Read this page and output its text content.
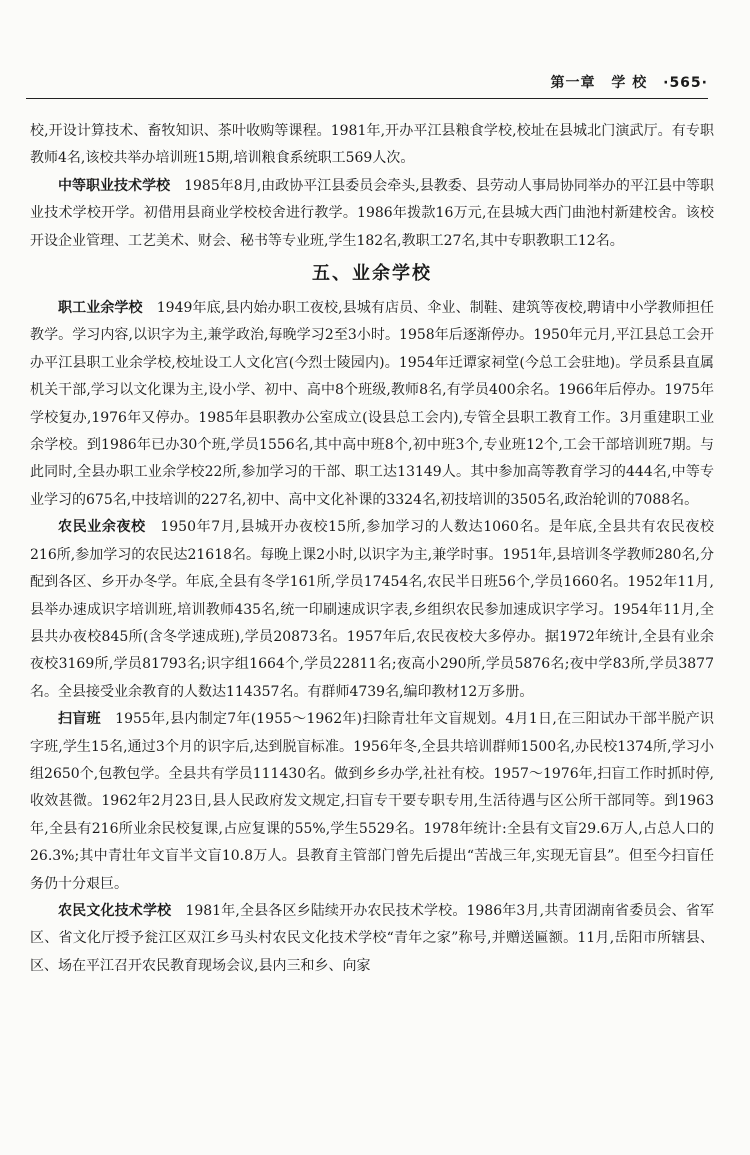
第一章 学 校 ·565·

校,开设计算技术、畜牧知识、茶叶收购等课程。1981年,开办平江县粮食学校,校址在县城北门演武厅。有专职教师4名,该校共举办培训班15期,培训粮食系统职工569人次。

中等职业技术学校　1985年8月,由政协平江县委员会牵头,县教委、县劳动人事局协同举办的平江县中等职业技术学校开学。初借用县商业学校校舍进行教学。1986年拨款16万元,在县城大西门曲池村新建校舍。该校开设企业管理、工艺美术、财会、秘书等专业班,学生182名,教职工27名,其中专职教职工12名。

五、业余学校

职工业余学校　1949年底,县内始办职工夜校,县城有店员、伞业、制鞋、建筑等夜校,聘请中小学教师担任教学。学习内容,以识字为主,兼学政治,每晚学习2至3小时。1958年后逐渐停办。1950年元月,平江县总工会开办平江县职工业余学校,校址设工人文化宫(今烈士陵园内)。1954年迁谭家祠堂(今总工会驻地)。学员系县直属机关干部,学习以文化课为主,设小学、初中、高中8个班级,教师8名,有学员400余名。1966年后停办。1975年学校复办,1976年又停办。1985年县职教办公室成立(设县总工会内),专管全县职工教育工作。3月重建职工业余学校。到1986年已办30个班,学员1556名,其中高中班8个,初中班3个,专业班12个,工会干部培训班7期。与此同时,全县办职工业余学校22所,参加学习的干部、职工达13149人。其中参加高等教育学习的444名,中等专业学习的675名,中技培训的227名,初中、高中文化补课的3324名,初技培训的3505名,政治轮训的7088名。

农民业余夜校　1950年7月,县城开办夜校15所,参加学习的人数达1060名。是年底,全县共有农民夜校216所,参加学习的农民达21618名。每晚上课2小时,以识字为主,兼学时事。1951年,县培训冬学教师280名,分配到各区、乡开办冬学。年底,全县有冬学161所,学员17454名,农民半日班56个,学员1660名。1952年11月,县举办速成识字培训班,培训教师435名,统一印刷速成识字表,乡组织农民参加速成识字学习。1954年11月,全县共办夜校845所(含冬学速成班),学员20873名。1957年后,农民夜校大多停办。据1972年统计,全县有业余夜校3169所,学员81793名;识字组1664个,学员22811名;夜高小290所,学员5876名;夜中学83所,学员3877名。全县接受业余教育的人数达114357名。有群师4739名,编印教材12万多册。

扫盲班　1955年,县内制定7年(1955～1962年)扫除青壮年文盲规划。4月1日,在三阳试办干部半脱产识字班,学生15名,通过3个月的识字后,达到脱盲标准。1956年冬,全县共培训群师1500名,办民校1374所,学习小组2650个,包教包学。全县共有学员111430名。做到乡乡办学,社社有校。1957～1976年,扫盲工作时抓时停,收效甚微。1962年2月23日,县人民政府发文规定,扫盲专干要专职专用,生活待遇与区公所干部同等。到1963年,全县有216所业余民校复课,占应复课的55%,学生5529名。1978年统计:全县有文盲29.6万人,占总人口的26.3%;其中青壮年文盲半文盲10.8万人。县教育主管部门曾先后提出“苦战三年,实现无盲县”。但至今扫盲任务仍十分艰巨。

农民文化技术学校　1981年,全县各区乡陆续开办农民技术学校。1986年3月,共青团湖南省委员会、省军区、省文化厅授予瓮江区双江乡马头村农民文化技术学校“青年之家”称号,并赠送匾额。11月,岳阳市所辖县、区、场在平江召开农民教育现场会议,县内三和乡、向家
